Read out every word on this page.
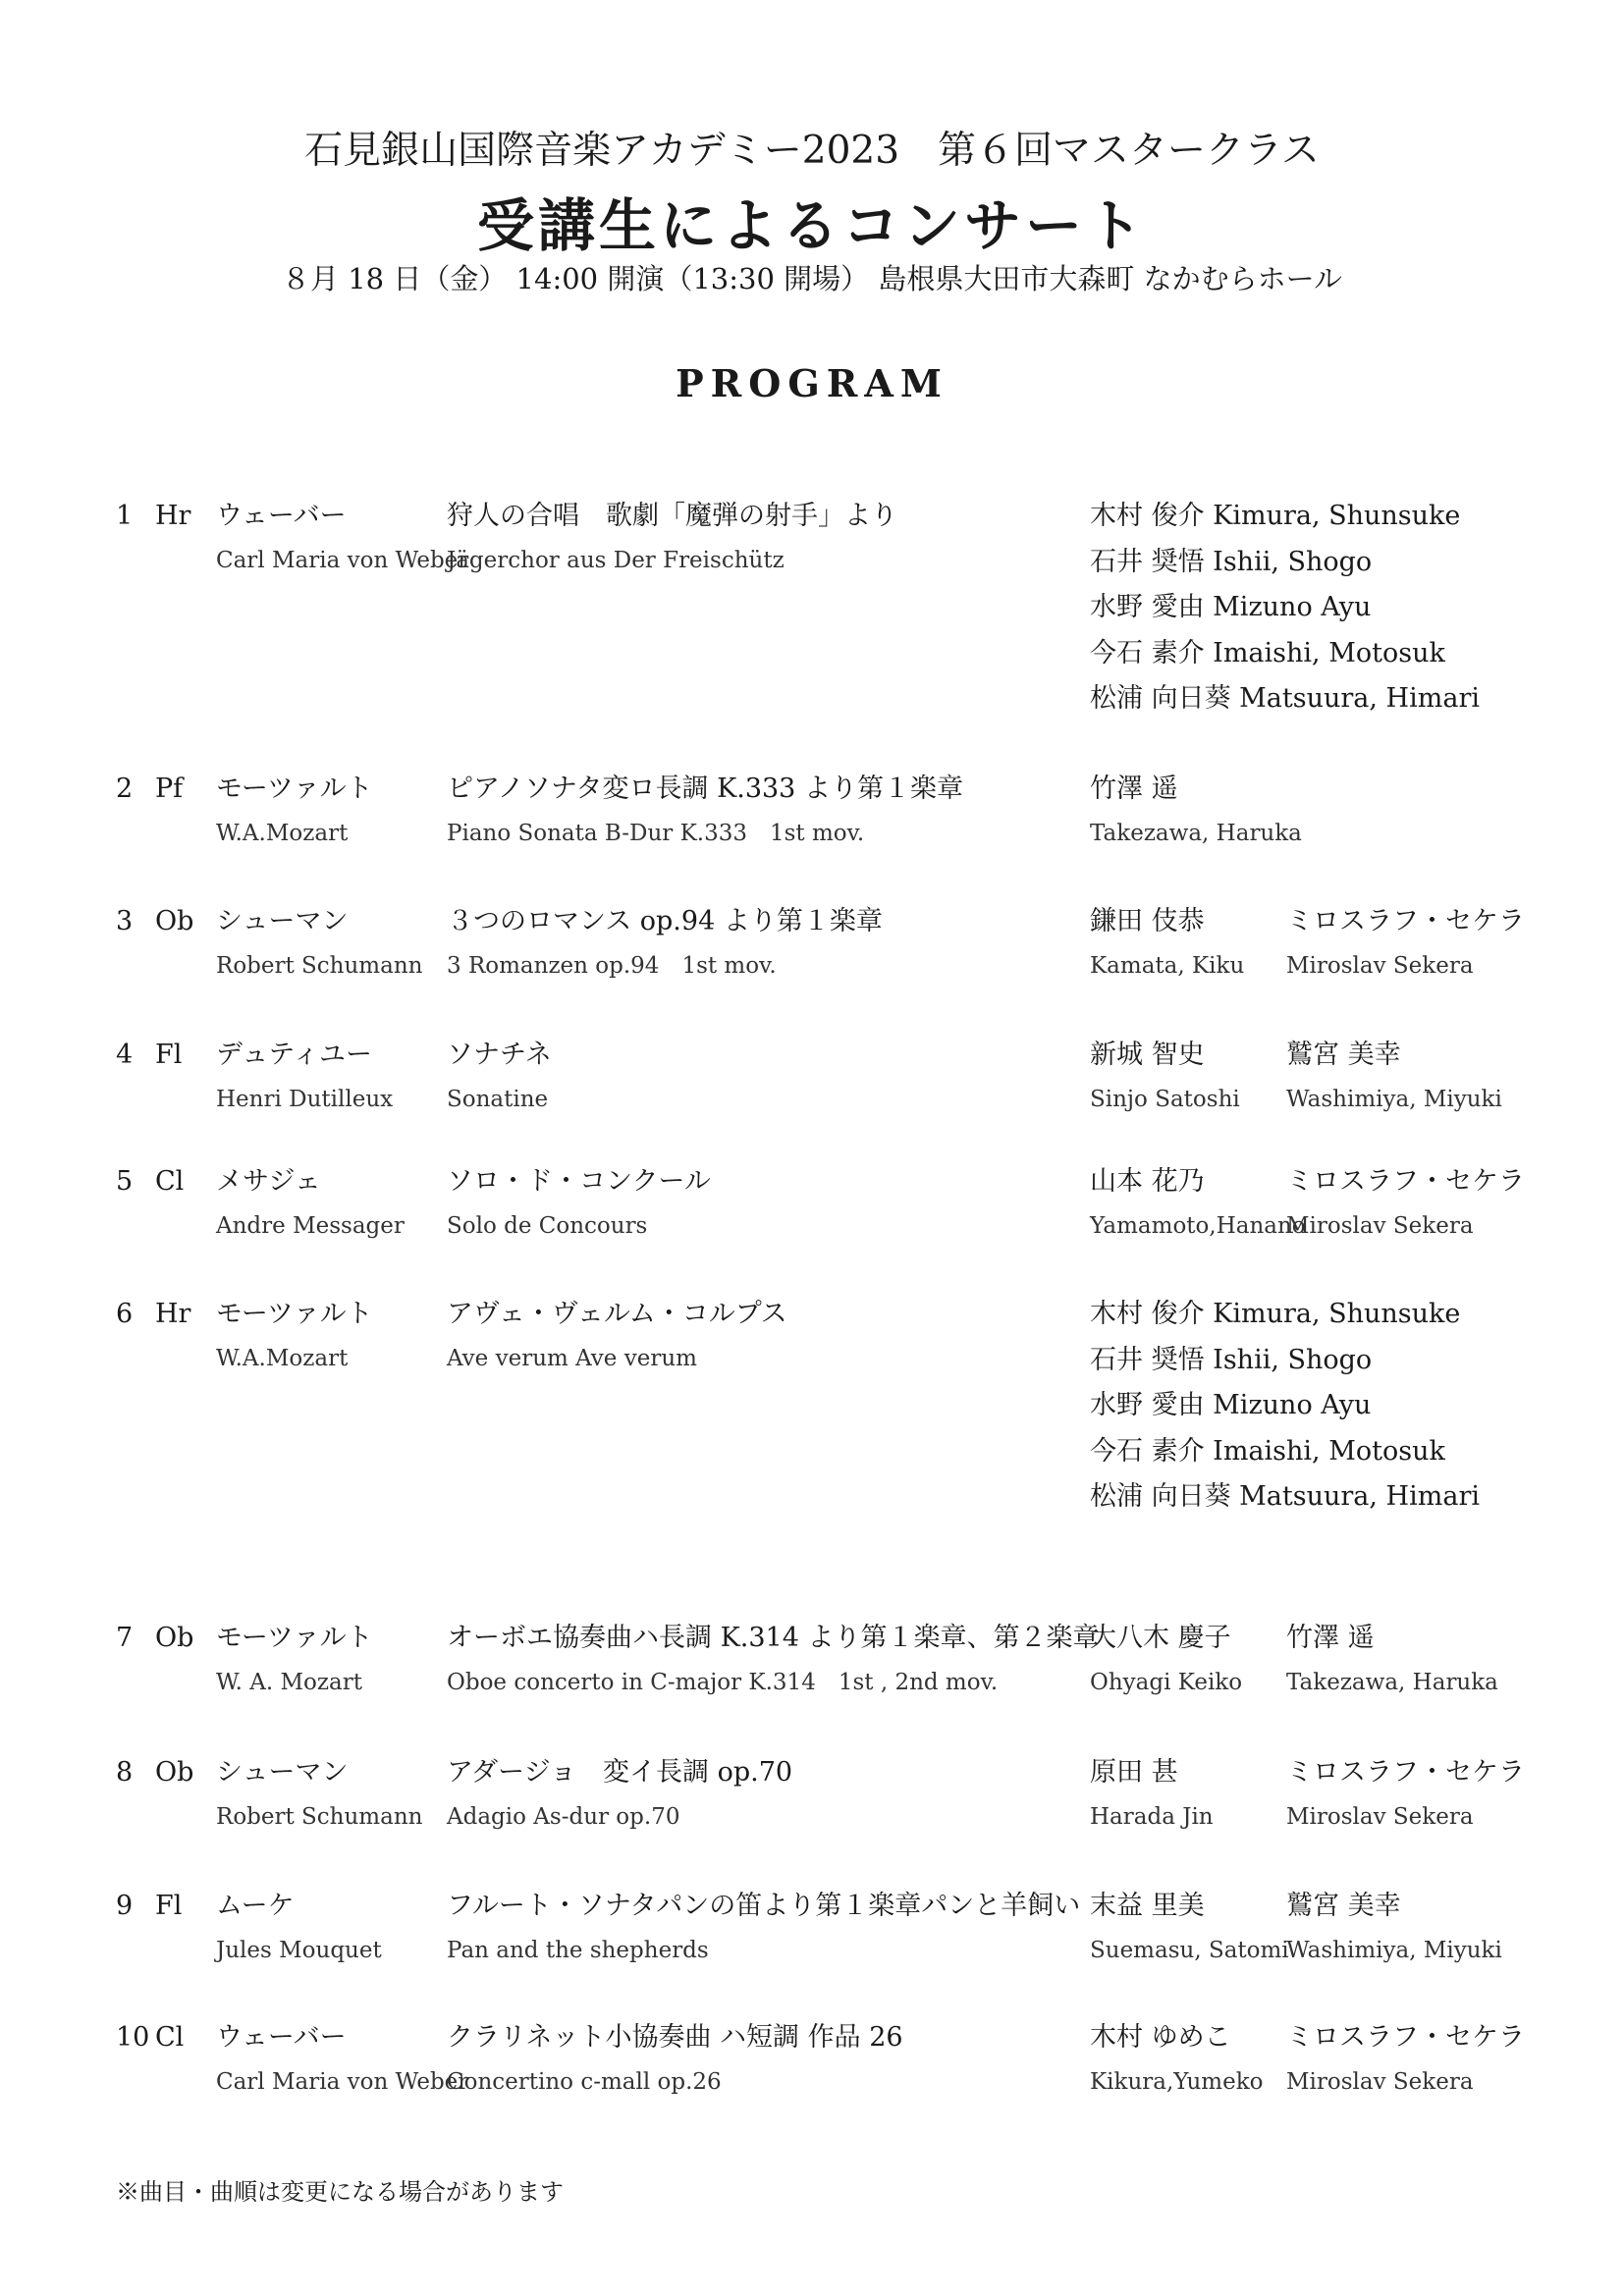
石見銀山国際音楽アカデミー2023　第６回マスタークラス
受講生によるコンサート
８月 18 日（金） 14:00 開演（13:30 開場） 島根県大田市大森町 なかむらホール
PROGRAM
1 Hr ウェーバー
Carl Maria von Weber
狩人の合唱　歌劇「魔弾の射手」より
Jägerchor aus Der Freischütz
木村 俊介 Kimura, Shunsuke
石井 奨悟 Ishii, Shogo
水野 愛由 Mizuno Ayu
今石 素介 Imaishi, Motosuk
松浦 向日葵 Matsuura, Himari
2 Pf モーツァルト
W.A.Mozart
ピアノソナタ変ロ長調 K.333 より第１楽章
Piano Sonata B-Dur K.333　1st mov.
竹澤 遥
Takezawa, Haruka
3 Ob シューマン
Robert Schumann
３つのロマンス op.94 より第１楽章
3 Romanzen op.94　1st mov.
鎌田 伎恭
Kamata, Kiku
ミロスラフ・セケラ
Miroslav Sekera
4 Fl デュティユー
Henri Dutilleux
ソナチネ
Sonatine
新城 智史
Sinjo Satoshi
鷲宮 美幸
Washimiya, Miyuki
5 Cl メサジェ
Andre Messager
ソロ・ド・コンクール
Solo de Concours
山本 花乃
Yamamoto,Hanano
ミロスラフ・セケラ
Miroslav Sekera
6 Hr モーツァルト
W.A.Mozart
アヴェ・ヴェルム・コルプス
Ave verum Ave verum
木村 俊介 Kimura, Shunsuke
石井 奨悟 Ishii, Shogo
水野 愛由 Mizuno Ayu
今石 素介 Imaishi, Motosuk
松浦 向日葵 Matsuura, Himari
7 Ob モーツァルト
W. A. Mozart
オーボエ協奏曲ハ長調 K.314 より第１楽章、第２楽章
Oboe concerto in C-major K.314　1st , 2nd mov.
大八木 慶子
Ohyagi Keiko
竹澤 遥
Takezawa, Haruka
8 Ob シューマン
Robert Schumann
アダージョ　変イ長調 op.70
Adagio As-dur op.70
原田 甚
Harada Jin
ミロスラフ・セケラ
Miroslav Sekera
9 Fl ムーケ
Jules Mouquet
フルート・ソナタパンの笛より第１楽章パンと羊飼い
Pan and the shepherds
末益 里美
Suemasu, Satomi
鷲宮 美幸
Washimiya, Miyuki
10 Cl ウェーバー
Carl Maria von Weber
クラリネット小協奏曲 ハ短調 作品 26
Concertino c-mall op.26
木村 ゆめこ
Kikura,Yumeko
ミロスラフ・セケラ
Miroslav Sekera
※曲目・曲順は変更になる場合があります
